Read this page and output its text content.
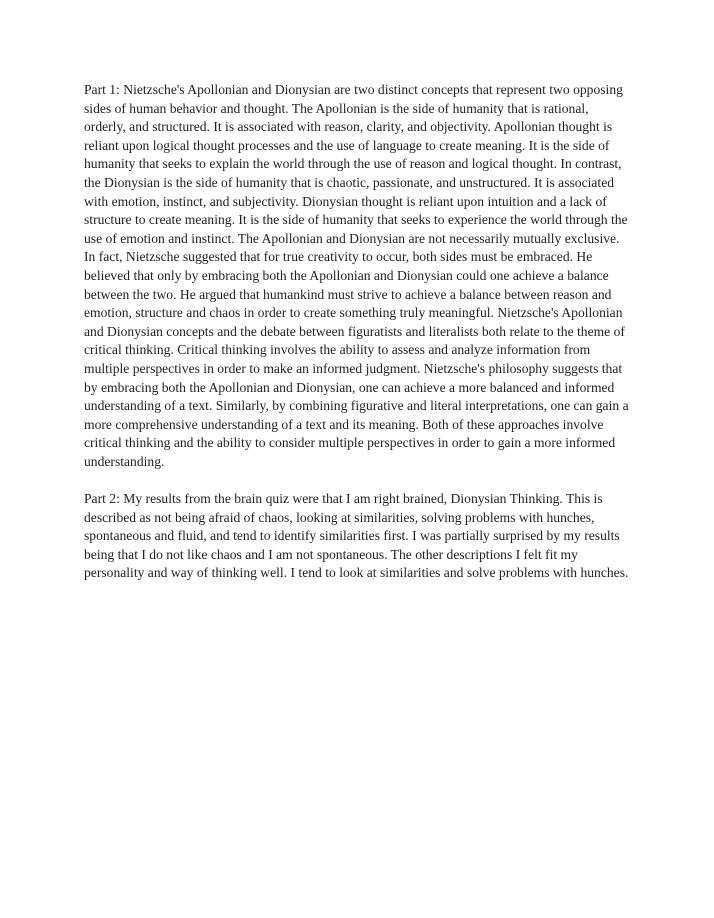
Part 1: Nietzsche's Apollonian and Dionysian are two distinct concepts that represent two opposing sides of human behavior and thought. The Apollonian is the side of humanity that is rational, orderly, and structured. It is associated with reason, clarity, and objectivity. Apollonian thought is reliant upon logical thought processes and the use of language to create meaning. It is the side of humanity that seeks to explain the world through the use of reason and logical thought. In contrast, the Dionysian is the side of humanity that is chaotic, passionate, and unstructured. It is associated with emotion, instinct, and subjectivity. Dionysian thought is reliant upon intuition and a lack of structure to create meaning. It is the side of humanity that seeks to experience the world through the use of emotion and instinct. The Apollonian and Dionysian are not necessarily mutually exclusive. In fact, Nietzsche suggested that for true creativity to occur, both sides must be embraced. He believed that only by embracing both the Apollonian and Dionysian could one achieve a balance between the two. He argued that humankind must strive to achieve a balance between reason and emotion, structure and chaos in order to create something truly meaningful. Nietzsche's Apollonian and Dionysian concepts and the debate between figuratists and literalists both relate to the theme of critical thinking. Critical thinking involves the ability to assess and analyze information from multiple perspectives in order to make an informed judgment. Nietzsche's philosophy suggests that by embracing both the Apollonian and Dionysian, one can achieve a more balanced and informed understanding of a text. Similarly, by combining figurative and literal interpretations, one can gain a more comprehensive understanding of a text and its meaning. Both of these approaches involve critical thinking and the ability to consider multiple perspectives in order to gain a more informed understanding.

Part 2: My results from the brain quiz were that I am right brained, Dionysian Thinking. This is described as not being afraid of chaos, looking at similarities, solving problems with hunches, spontaneous and fluid, and tend to identify similarities first. I was partially surprised by my results being that I do not like chaos and I am not spontaneous. The other descriptions I felt fit my personality and way of thinking well. I tend to look at similarities and solve problems with hunches.
